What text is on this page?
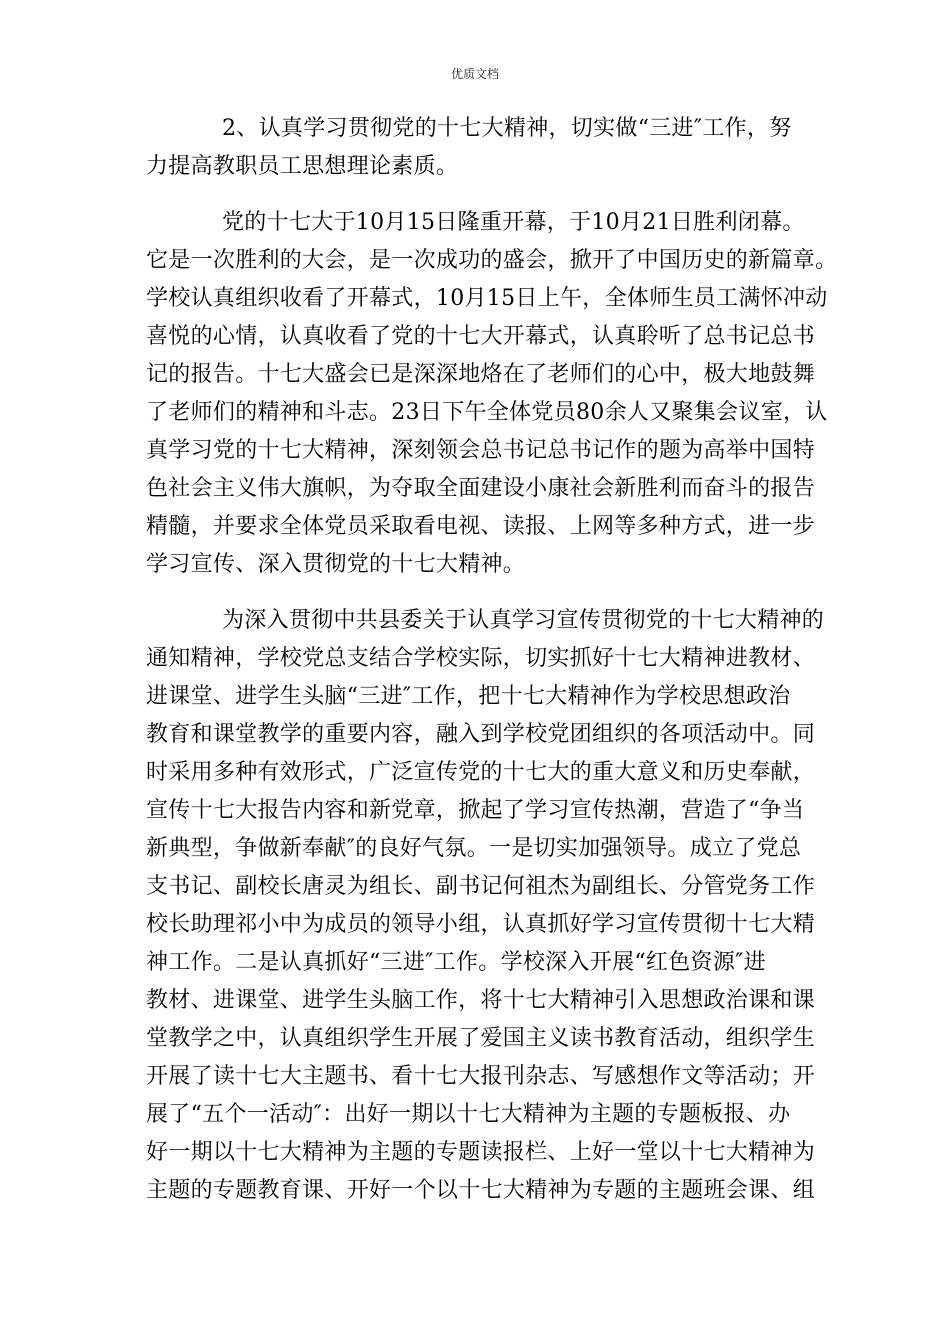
优质文档

2、认真学习贯彻党的十七大精神，切实做“三进″工作，努
力提高教职员工思想理论素质。

党的十七大于10月15日隆重开幕，于10月21日胜利闭幕。
它是一次胜利的大会，是一次成功的盛会，掀开了中国历史的新篇章。
学校认真组织收看了开幕式，10月15日上午，全体师生员工满怀冲动
喜悦的心情，认真收看了党的十七大开幕式，认真聆听了总书记总书
记的报告。十七大盛会已是深深地烙在了老师们的心中，极大地鼓舞
了老师们的精神和斗志。23日下午全体党员80余人又聚集会议室，认
真学习党的十七大精神，深刻领会总书记总书记作的题为高举中国特
色社会主义伟大旗帜，为夺取全面建设小康社会新胜利而奋斗的报告
精髓，并要求全体党员采取看电视、读报、上网等多种方式，进一步
学习宣传、深入贯彻党的十七大精神。

为深入贯彻中共县委关于认真学习宣传贯彻党的十七大精神的
通知精神，学校党总支结合学校实际，切实抓好十七大精神进教材、
进课堂、进学生头脑“三进″工作，把十七大精神作为学校思想政治
教育和课堂教学的重要内容，融入到学校党团组织的各项活动中。同
时采用多种有效形式，广泛宣传党的十七大的重大意义和历史奉献，
宣传十七大报告内容和新党章，掀起了学习宣传热潮，营造了“争当
新典型，争做新奉献″的良好气氛。一是切实加强领导。成立了党总
支书记、副校长唐灵为组长、副书记何祖杰为副组长、分管党务工作
校长助理祁小中为成员的领导小组，认真抓好学习宣传贯彻十七大精
神工作。二是认真抓好“三进″工作。学校深入开展“红色资源″进
教材、进课堂、进学生头脑工作，将十七大精神引入思想政治课和课
堂教学之中，认真组织学生开展了爱国主义读书教育活动，组织学生
开展了读十七大主题书、看十七大报刊杂志、写感想作文等活动；开
展了“五个一活动″：出好一期以十七大精神为主题的专题板报、办
好一期以十七大精神为主题的专题读报栏、上好一堂以十七大精神为
主题的专题教育课、开好一个以十七大精神为专题的主题班会课、组
